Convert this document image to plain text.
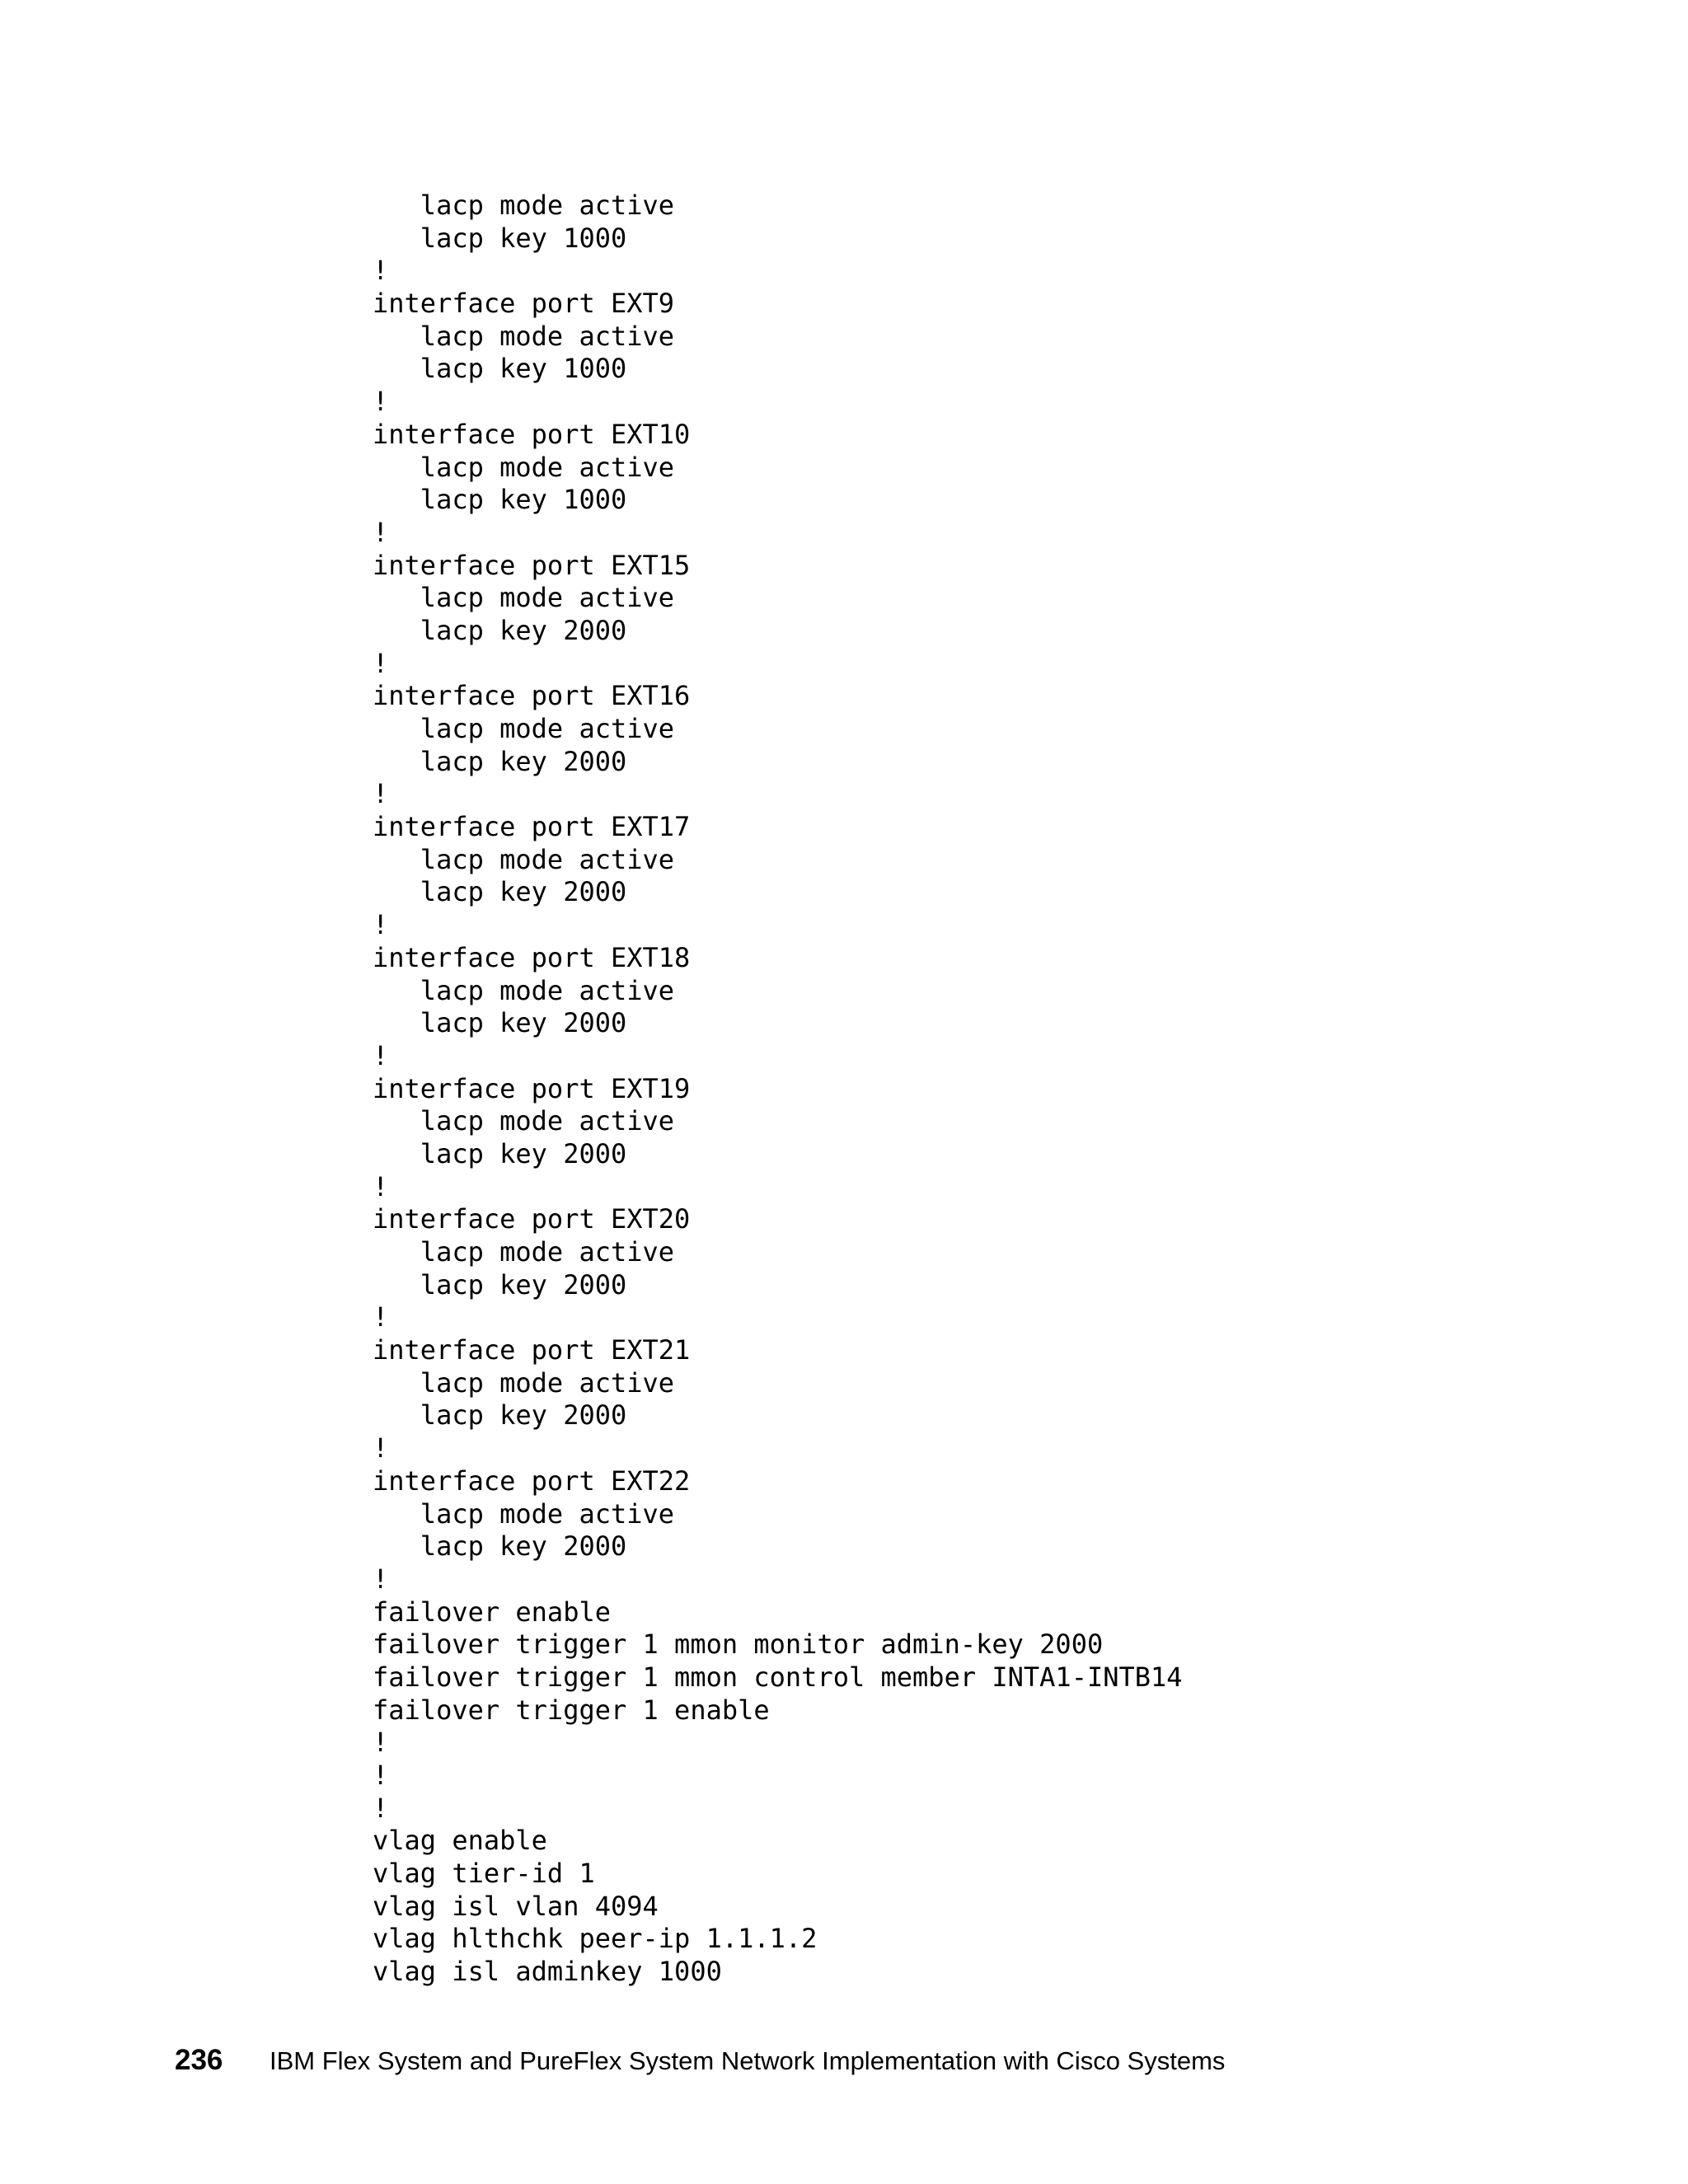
lacp mode active
lacp key 1000
!
interface port EXT9
lacp mode active
lacp key 1000
!
interface port EXT10
lacp mode active
lacp key 1000
!
interface port EXT15
lacp mode active
lacp key 2000
!
interface port EXT16
lacp mode active
lacp key 2000
!
interface port EXT17
lacp mode active
lacp key 2000
!
interface port EXT18
lacp mode active
lacp key 2000
!
interface port EXT19
lacp mode active
lacp key 2000
!
interface port EXT20
lacp mode active
lacp key 2000
!
interface port EXT21
lacp mode active
lacp key 2000
!
interface port EXT22
lacp mode active
lacp key 2000
!
failover enable
failover trigger 1 mmon monitor admin-key 2000
failover trigger 1 mmon control member INTA1-INTB14
failover trigger 1 enable
!
!
!
vlag enable
vlag tier-id 1
vlag isl vlan 4094
vlag hlthchk peer-ip 1.1.1.2
vlag isl adminkey 1000
236	IBM Flex System and PureFlex System Network Implementation with Cisco Systems
